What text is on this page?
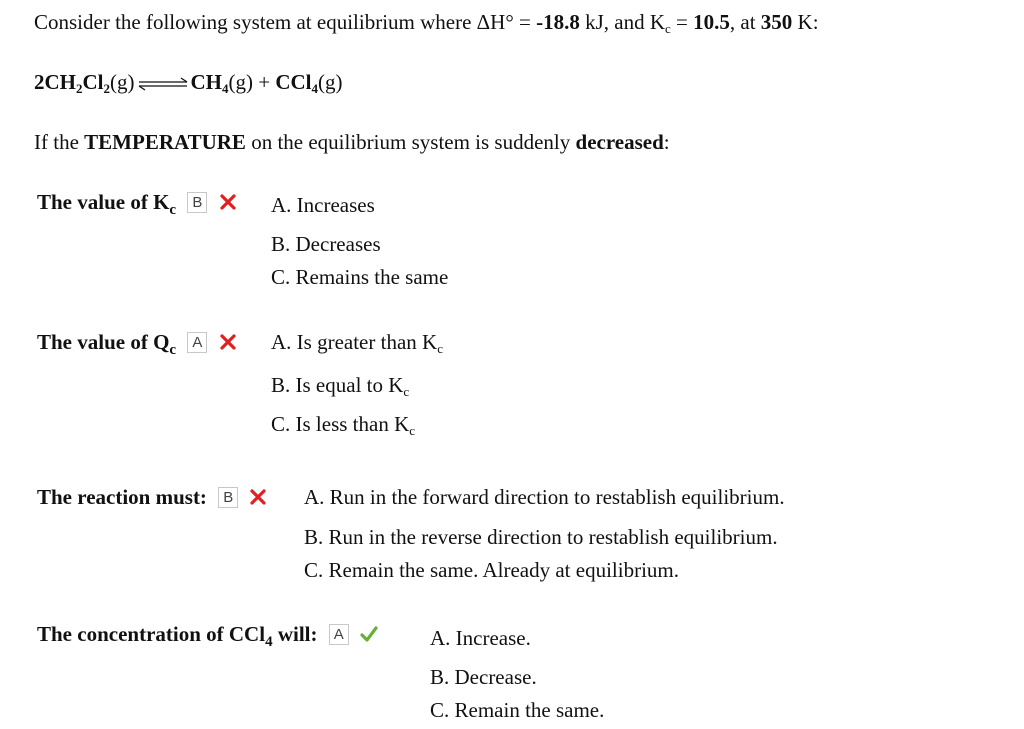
Consider the following system at equilibrium where ΔH° = -18.8 kJ, and $K_c = 10.5$, at 350 K:
$2CH_2Cl_2(g)$ ⇌ $CH_4(g) + CCl_4(g)$
If the TEMPERATURE on the equilibrium system is suddenly decreased:
The value of $K_c$ B	A. Increases
B. Decreases
C. Remains the same
The value of $Q_c$ A	A. Is greater than $K_c$
B. Is equal to $K_c$
C. Is less than $K_c$
The reaction must: B	A. Run in the forward direction to restablish equilibrium.
B. Run in the reverse direction to restablish equilibrium.
C. Remain the same. Already at equilibrium.
The concentration of CCl$_4$ will: A	A. Increase.
B. Decrease.
C. Remain the same.
